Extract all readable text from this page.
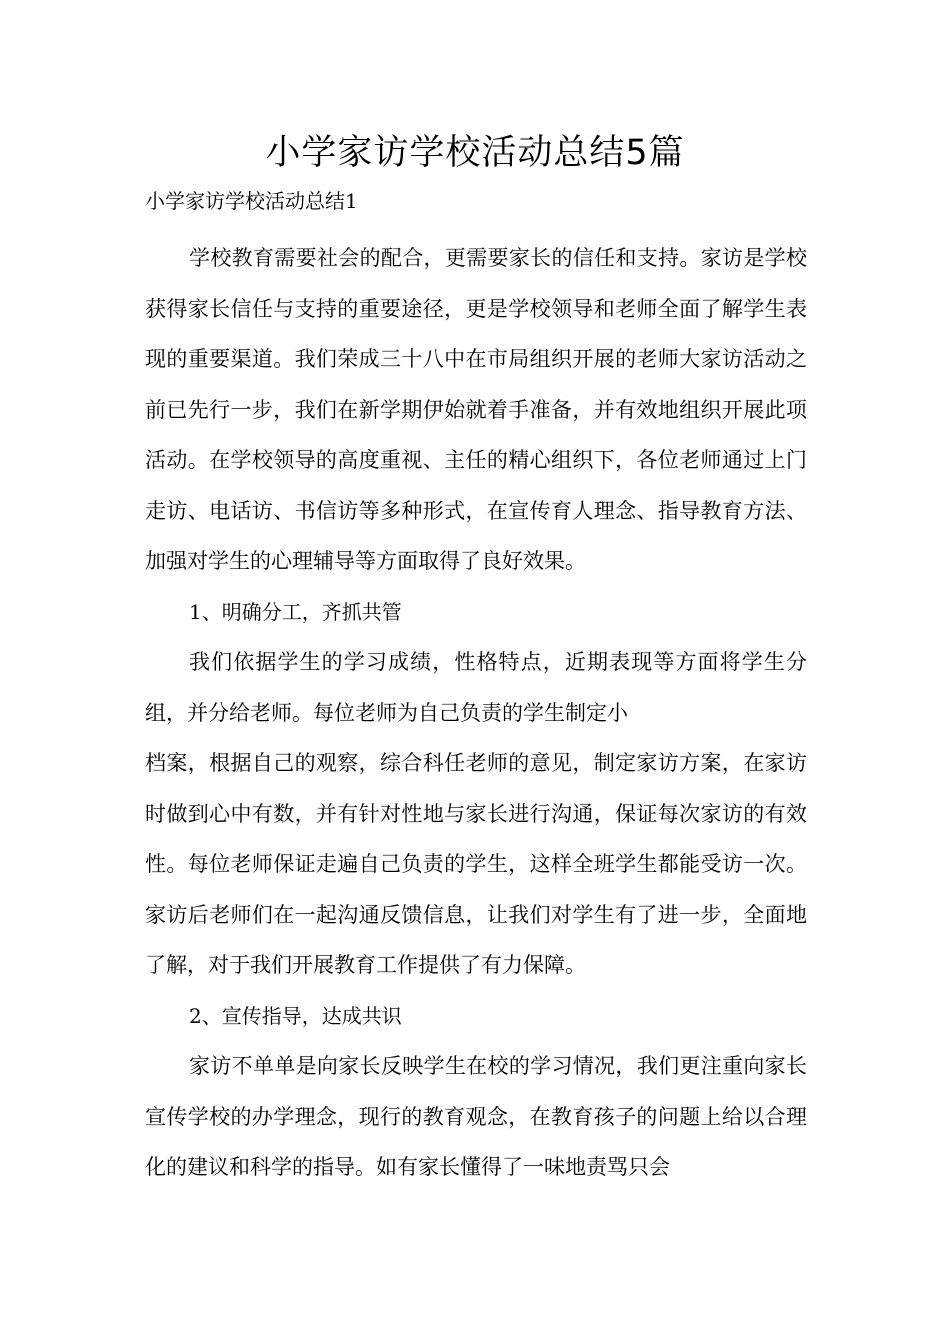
小学家访学校活动总结5篇
小学家访学校活动总结1

学校教育需要社会的配合，更需要家长的信任和支持。家访是学校获得家长信任与支持的重要途径，更是学校领导和老师全面了解学生表现的重要渠道。我们荣成三十八中在市局组织开展的老师大家访活动之前已先行一步，我们在新学期伊始就着手准备，并有效地组织开展此项活动。在学校领导的高度重视、主任的精心组织下，各位老师通过上门走访、电话访、书信访等多种形式，在宣传育人理念、指导教育方法、加强对学生的心理辅导等方面取得了良好效果。

1、明确分工，齐抓共管

我们依据学生的学习成绩，性格特点，近期表现等方面将学生分组，并分给老师。每位老师为自己负责的学生制定小

档案，根据自己的观察，综合科任老师的意见，制定家访方案，在家访时做到心中有数，并有针对性地与家长进行沟通，保证每次家访的有效性。每位老师保证走遍自己负责的学生，这样全班学生都能受访一次。家访后老师们在一起沟通反馈信息，让我们对学生有了进一步，全面地了解，对于我们开展教育工作提供了有力保障。

2、宣传指导，达成共识

家访不单单是向家长反映学生在校的学习情况，我们更注重向家长宣传学校的办学理念，现行的教育观念，在教育孩子的问题上给以合理化的建议和科学的指导。如有家长懂得了一味地责骂只会
